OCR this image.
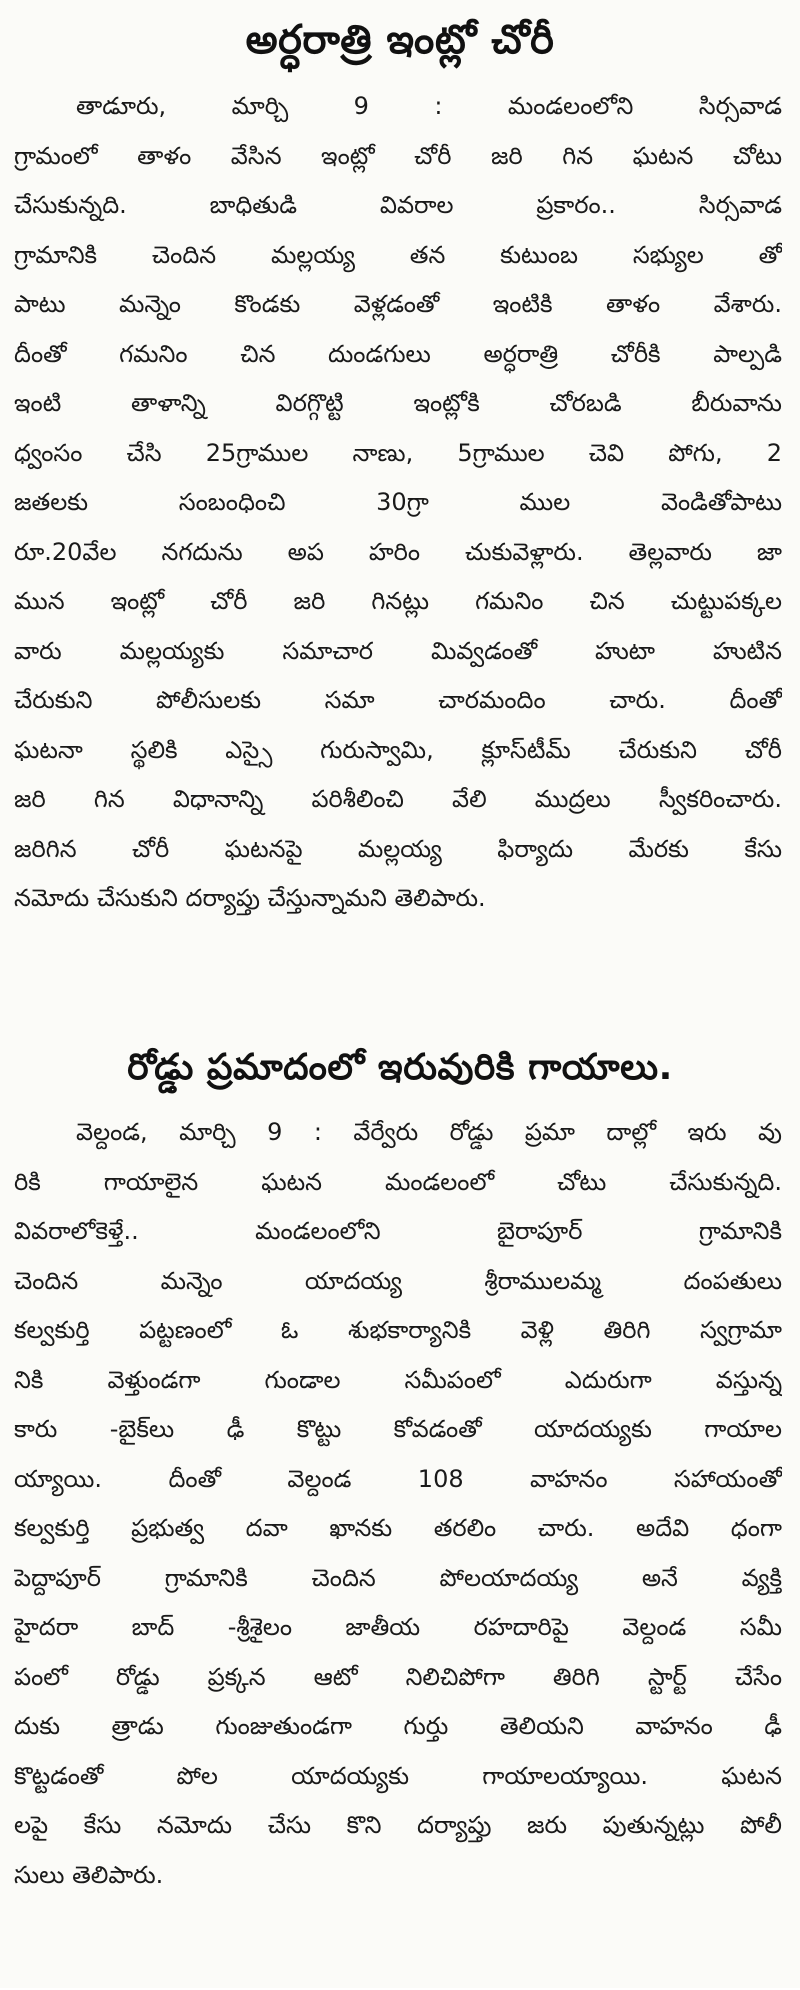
అర్ధరాత్రి ఇంట్లో చోరీ
తాడూరు, మార్చి 9 : మండలంలోని సిర్సవాడ
గ్రామంలో తాళం వేసిన ఇంట్లో చోరీ జరి గిన ఘటన చోటు
చేసుకున్నది. బాధితుడి వివరాల ప్రకారం.. సిర్సవాడ
గ్రామానికి చెందిన మల్లయ్య తన కుటుంబ సభ్యుల తో
పాటు మన్నెం కొండకు వెళ్లడంతో ఇంటికి తాళం వేశారు.
దీంతో గమనిం చిన దుండగులు అర్ధరాత్రి చోరీకి పాల్పడి
ఇంటి తాళాన్ని విరగ్గొట్టి ఇంట్లోకి చోరబడి బీరువాను
ధ్వంసం చేసి 25గ్రాముల నాణు, 5గ్రాముల చెవి పోగు, 2
జతలకు సంబంధించి 30గ్రా ముల వెండితోపాటు
రూ.20వేల నగదును అప హరిం చుకువెళ్లారు. తెల్లవారు జా
మున ఇంట్లో చోరీ జరి గినట్లు గమనిం చిన చుట్టుపక్కల
వారు మల్లయ్యకు సమాచార మివ్వడంతో హుటా హుటిన
చేరుకుని పోలీసులకు సమా చారమందిం చారు. దీంతో
ఘటనా స్థలికి ఎస్సై గురుస్వామి, క్లూస్‌టీమ్ చేరుకుని చోరీ
జరి గిన విధానాన్ని పరిశీలించి వేలి ముద్రలు స్వీకరించారు.
జరిగిన చోరీ ఘటనపై మల్లయ్య ఫిర్యాదు మేరకు కేసు
నమోదు చేసుకుని దర్యాప్తు చేస్తున్నామని తెలిపారు.
రోడ్డు ప్రమాదంలో ఇరువురికి గాయాలు.
వెల్దండ, మార్చి 9 : వేర్వేరు రోడ్డు ప్రమా దాల్లో ఇరు వు
రికి గాయాలైన ఘటన మండలంలో చోటు చేసుకున్నది.
వివరాలోకెళ్తే.. మండలంలోని బైరాపూర్ గ్రామానికి
చెందిన మన్నెం యాదయ్య శ్రీరాములమ్మ దంపతులు
కల్వకుర్తి పట్టణంలో ఓ శుభకార్యానికి వెళ్లి తిరిగి స్వగ్రామా
నికి వెళ్తుండగా గుండాల సమీపంలో ఎదురుగా వస్తున్న
కారు -బైక్‌లు ఢీ కొట్టు కోవడంతో యాదయ్యకు గాయాల
య్యాయి. దీంతో వెల్దండ 108 వాహనం సహాయంతో
కల్వకుర్తి ప్రభుత్వ దవా ఖానకు తరలిం చారు. అదేవి ధంగా
పెద్దాపూర్ గ్రామానికి చెందిన పోలయాదయ్య అనే వ్యక్తి
హైదరా బాద్ -శ్రీశైలం జాతీయ రహదారిపై వెల్దండ సమీ
పంలో రోడ్డు ప్రక్కన ఆటో నిలిచిపోగా తిరిగి స్టార్ట్ చేసేం
దుకు త్రాడు గుంజుతుండగా గుర్తు తెలియని వాహనం ఢీ
కొట్టడంతో పోల యాదయ్యకు గాయాలయ్యాయి. ఘటన
లపై కేసు నమోదు చేసు కొని దర్యాప్తు జరు పుతున్నట్లు పోలీ
సులు తెలిపారు.
